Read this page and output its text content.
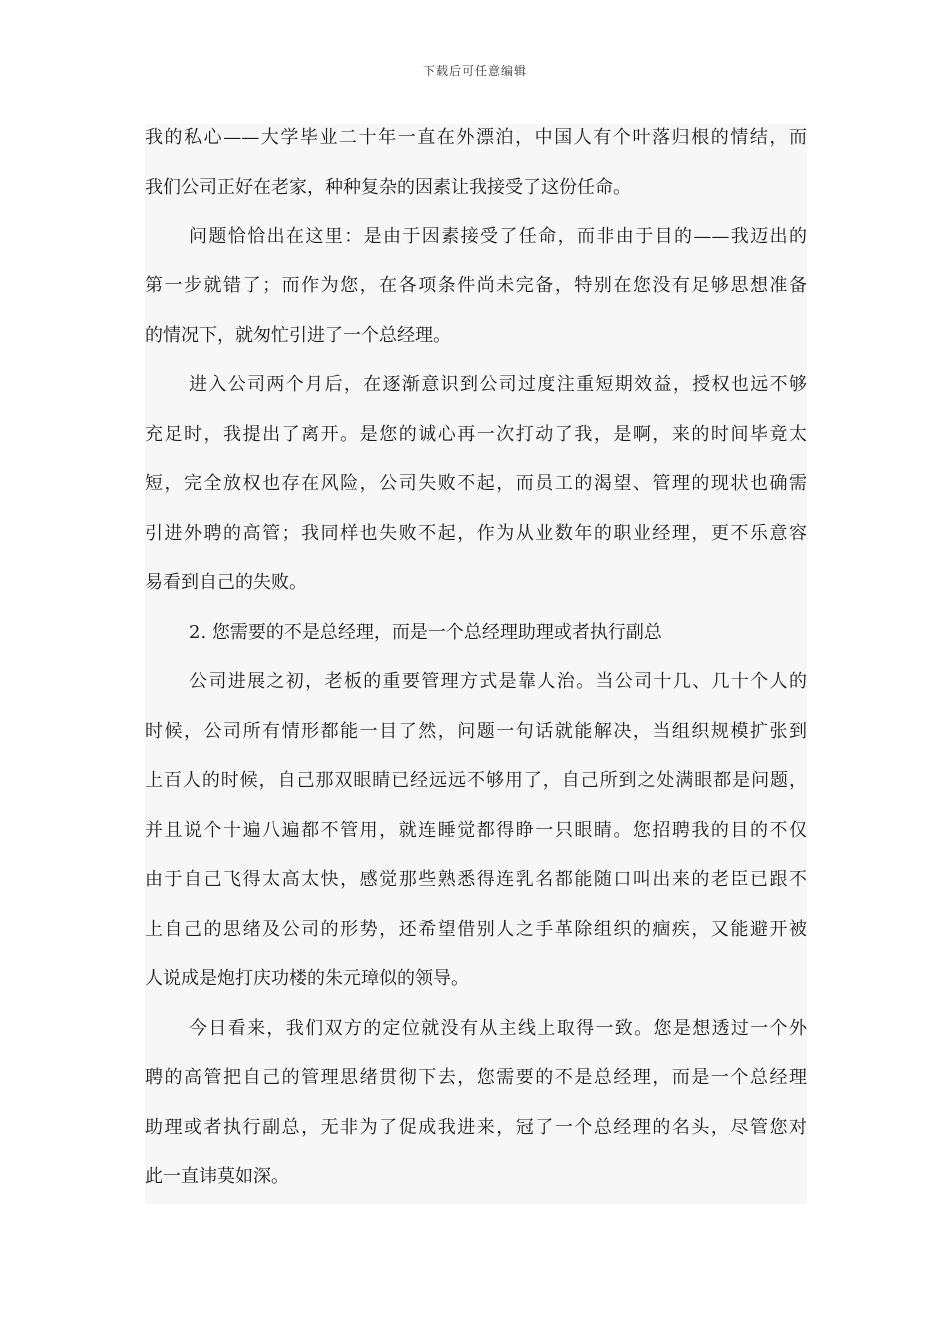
下载后可任意编辑
我的私心——大学毕业二十年一直在外漂泊，中国人有个叶落归根的情结，而
我们公司正好在老家，种种复杂的因素让我接受了这份任命。
问题恰恰出在这里：是由于因素接受了任命，而非由于目的——我迈出的
第一步就错了；而作为您，在各项条件尚未完备，特别在您没有足够思想准备
的情况下，就匆忙引进了一个总经理。
进入公司两个月后，在逐渐意识到公司过度注重短期效益，授权也远不够
充足时，我提出了离开。是您的诚心再一次打动了我，是啊，来的时间毕竟太
短，完全放权也存在风险，公司失败不起，而员工的渴望、管理的现状也确需
引进外聘的高管；我同样也失败不起，作为从业数年的职业经理，更不乐意容
易看到自己的失败。
2. 您需要的不是总经理，而是一个总经理助理或者执行副总
公司进展之初，老板的重要管理方式是靠人治。当公司十几、几十个人的
时候，公司所有情形都能一目了然，问题一句话就能解决，当组织规模扩张到
上百人的时候，自己那双眼睛已经远远不够用了，自己所到之处满眼都是问题，
并且说个十遍八遍都不管用，就连睡觉都得睁一只眼睛。您招聘我的目的不仅
由于自己飞得太高太快，感觉那些熟悉得连乳名都能随口叫出来的老臣已跟不
上自己的思绪及公司的形势，还希望借别人之手革除组织的痼疾，又能避开被
人说成是炮打庆功楼的朱元璋似的领导。
今日看来，我们双方的定位就没有从主线上取得一致。您是想透过一个外
聘的高管把自己的管理思绪贯彻下去，您需要的不是总经理，而是一个总经理
助理或者执行副总，无非为了促成我进来，冠了一个总经理的名头，尽管您对
此一直讳莫如深。
